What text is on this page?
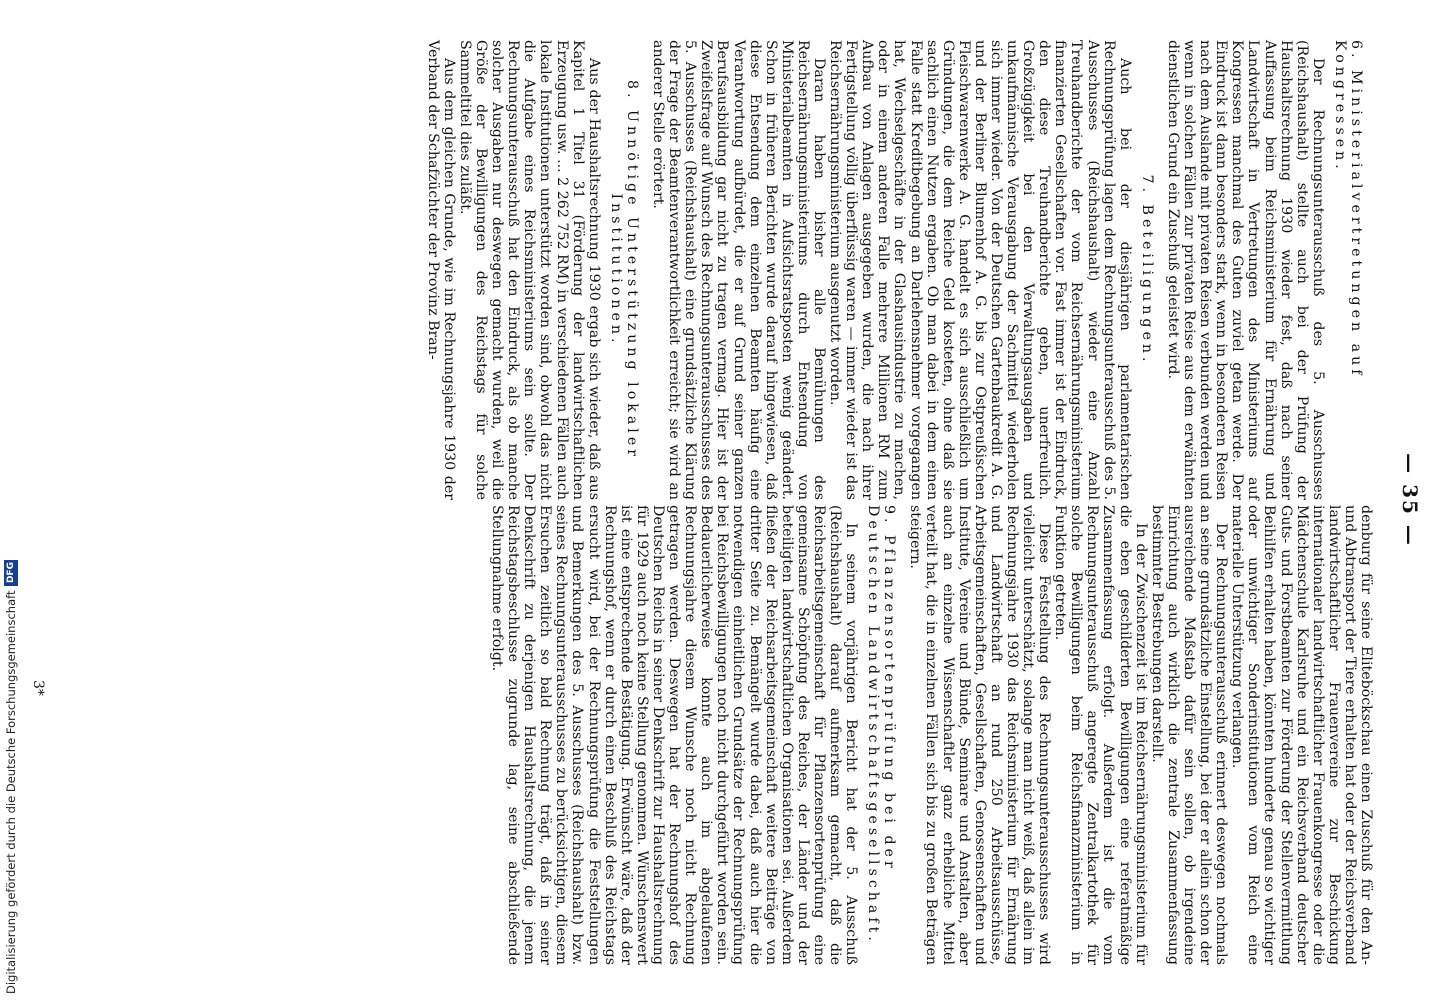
— 35 —
6. Ministerialvertretungen auf Kongressen.

Der Rechnungsunterausschuß des 5. Ausschusses (Reichshaushalt) stellte auch bei der Prüfung der Haushaltsrechnung 1930 wieder fest, daß nach seiner Auffassung beim Reichsministerium für Ernährung und Landwirtschaft in Vertretungen des Ministeriums auf Kongressen manchmal des Guten zuviel getan werde. Der Eindruck ist dann besonders stark, wenn in besonderen Reisen nach dem Auslande mit privaten Reisen verbunden werden und wenn in solchen Fällen zur privaten Reise aus dem erwähnten dienstlichen Grund ein Zuschuß geleistet wird.

7. Beteiligungen.

Auch bei der diesjährigen parlamentarischen Rechnungsprüfung lagen dem Rechnungsunterausschuß des 5. Ausschusses (Reichshaushalt) wieder eine Anzahl Treuhandberichte der vom Reichsernährungsministerium finanzierten Gesellschaften vor. Fast immer ist der Eindruck, den diese Treuhandberichte geben, unerfreulich. Großzügigkeit bei den Verwaltungsausgaben und unkaufmännische Verausgabung der Sachmittel wiederholen sich immer wieder. Von der Deutschen Gartenbaukredit A. G. und der Berliner Blumenhof A. G. bis zur Ostpreußischen Fleischwarenwerke A. G. handelt es sich ausschließlich um Gründungen, die dem Reiche Geld kosteten, ohne daß sie sachlich einen Nutzen ergaben. Ob man dabei in dem einen Falle statt Kreditbegebung an Darlehensnehmer vorgegangen hat, Wechselgeschäfte in der Glashausindustrie zu machen, oder in einem anderen Falle mehrere Millionen RM zum Aufbau von Anlagen ausgegeben wurden, die nach ihrer Fertigstellung völlig überflüssig waren — immer wieder ist das Reichsernährungsministerium ausgenutzt worden.

Daran haben bisher alle Bemühungen des Reichsernährungsministeriums durch Entsendung von Ministerialbeamten in Aufsichtsratsposten wenig geändert. Schon in früheren Berichten wurde darauf hingewiesen, daß diese Entsendung dem einzelnen Beamten häufig eine Verantwortung aufbürdet, die er auf Grund seiner ganzen Berufsausbildung gar nicht zu tragen vermag. Hier ist der Zweifelsfrage auf Wunsch des Rechnungsunterausschusses des 5. Ausschusses (Reichshaushalt) eine grundsätzliche Klärung der Frage der Beamtenverantwortlichkeit erreicht; sie wird an anderer Stelle erörtert.

8. Unnötige Unterstützung lokaler Institutionen.

Aus der Haushaltsrechnung 1930 ergab sich wieder, daß aus Kapitel 1 Titel 31 (Förderung der landwirtschaftlichen Erzeugung usw. ... 2 262 752 RM) in verschiedenen Fällen auch lokale Institutionen unterstützt worden sind, obwohl das nicht die Aufgabe eines Reichsministeriums sein sollte. Der Rechnungsunterausschuß hat den Eindruck, als ob manche solcher Ausgaben nur deswegen gemacht wurden, weil die Größe der Bewilligungen des Reichstags für solche Sammeltitel dies zuläßt.

Aus dem gleichen Grunde, wie im Rechnungsjahre 1930 der Verband der Schafzüchter der Provinz Bran-

denburg für seine Eliteböckschau einen Zuschuß für den An- und Abtransport der Tiere erhalten hat oder der Reichsverband landwirtschaftlicher Frauenvereine zur Beschickung internationaler landwirtschaftlicher Frauenkongresse oder die Mädchenschule Karlsruhe und ein Reichsverband deutscher Guts- und Forstbeamten zur Förderung der Stellenvermittlung Beihilfen erhalten haben, könnten hunderte genau so wichtiger oder unwichtiger Sonderinstitutionen vom Reich eine materielle Unterstützung verlangen.

Der Rechnungsunterausschuß erinnert deswegen nochmals an seine grundsätzliche Einstellung, bei der er allein schon der ausreichende Maßstab dafür sein sollen, ob irgendeine Einrichtung auch wirklich die zentrale Zusammenfassung bestimmter Bestrebungen darstellt.

In der Zwischenzeit ist im Reichsernährungsministerium für die eben geschilderten Bewilligungen eine referatmäßige Zusammenfassung erfolgt. Außerdem ist die vom Rechnungsunterausschuß angeregte Zentralkartothek für solche Bewilligungen beim Reichsfinanzministerium in Funktion getreten.

Diese Feststellung des Rechnungsunterausschusses wird vielleicht unterschätzt, solange man nicht weiß, daß allein im Rechnungsjahre 1930 das Reichsministerium für Ernährung und Landwirtschaft an rund 250 Arbeitsausschüsse, Arbeitsgemeinschaften, Gesellschaften, Genossenschaften und Institute, Vereine und Bünde, Seminare und Anstalten, aber auch an einzelne Wissenschaftler ganz erhebliche Mittel verteilt hat, die in einzelnen Fällen sich bis zu großen Beträgen steigern.

9. Pflanzensortenprüfung bei der Deutschen Landwirtschaftsgesellschaft.

In seinem vorjährigen Bericht hat der 5. Ausschuß (Reichshaushalt) darauf aufmerksam gemacht, daß die Reichsarbeitsgemeinschaft für Pflanzensortenprüfung eine gemeinsame Schöpfung des Reiches, der Länder und der beteiligten landwirtschaftlichen Organisationen sei. Außerdem fließen der Reichsarbeitsgemeinschaft weitere Beiträge von dritter Seite zu. Bemängelt wurde dabei, daß auch hier die notwendigen einheitlichen Grundsätze der Rechnungsprüfung bei Reichsbewilligungen noch nicht durchgeführt worden sein. Bedauerlicherweise konnte auch im abgelaufenen Rechnungsjahre diesem Wunsche noch nicht Rechnung getragen werden. Deswegen hat der Rechnungshof des Deutschen Reichs in seiner Denkschrift zur Haushaltsrechnung für 1929 auch noch keine Stellung genommen. Wünschenswert ist eine entsprechende Bestätigung. Erwünscht wäre, daß der Rechnungshof, wenn er durch einen Beschluß des Reichstags ersucht wird, bei der Rechnungsprüfung die Feststellungen und Bemerkungen des 5. Ausschusses (Reichshaushalt) bzw. seines Rechnungsunterausschusses zu berücksichtigen, diesem Ersuchen zeitlich so bald Rechnung trägt, daß in seiner Denkschrift zu derjenigen Haushaltsrechnung, die jenem Reichstagsbeschlusse zugrunde lag, seine abschließende Stellungnahme erfolgt.

3*
Digitalisierung gefördert durch die Deutsche Forschungsgemeinschaft
DFG
